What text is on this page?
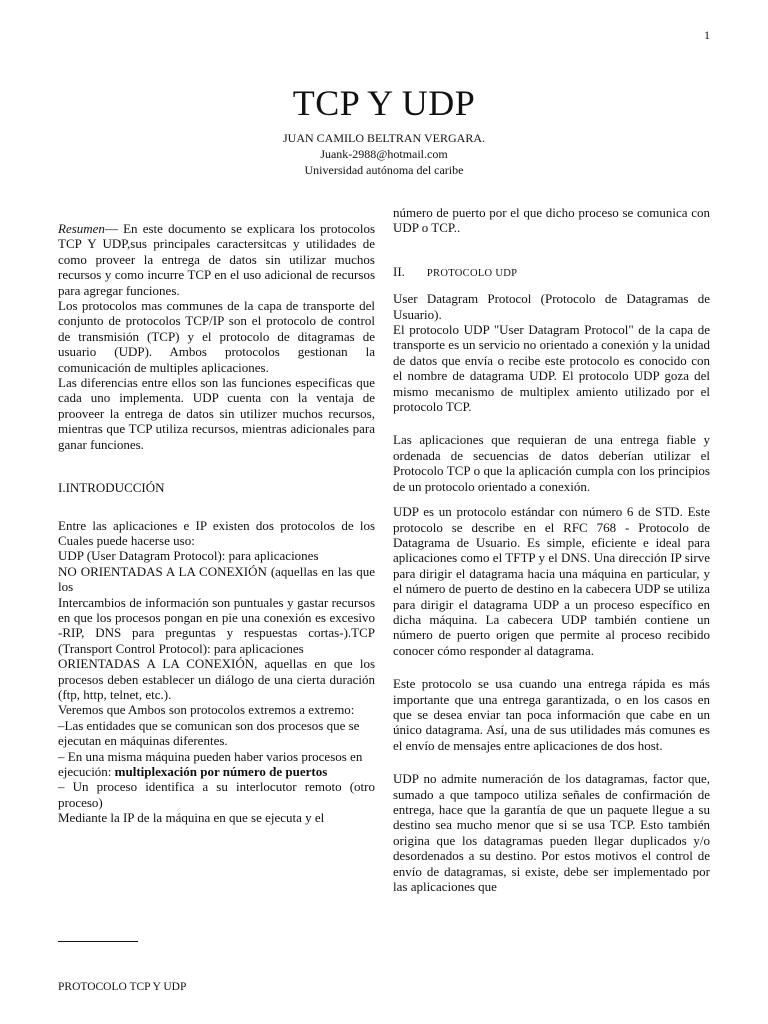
1
TCP Y UDP
JUAN CAMILO BELTRAN VERGARA.
Juank-2988@hotmail.com
Universidad autónoma del caribe

Resumen— En este documento se explicara los protocolos TCP Y UDP,sus principales caractersitcas y utilidades de como proveer la entrega de datos sin utilizar muchos recursos y como incurre TCP en el uso adicional de recursos para agregar funciones.

Los protocolos mas communes de la capa de transporte del conjunto de protocolos TCP/IP son el protocolo de control de transmisión (TCP) y el protocolo de ditagramas de usuario (UDP). Ambos protocolos gestionan la comunicación de multiples aplicaciones.

Las diferencias entre ellos son las funciones especificas que cada uno implementa. UDP cuenta con la ventaja de prooveer la entrega de datos sin utilizer muchos recursos, mientras que TCP utiliza recursos, mientras adicionales para ganar funciones.

I.INTRODUCCIÓN

Entre las aplicaciones e IP existen dos protocolos de los Cuales puede hacerse uso:

UDP (User Datagram Protocol): para aplicaciones

NO ORIENTADAS A LA CONEXIÓN (aquellas en las que los

Intercambios de información son puntuales y gastar recursos en que los procesos pongan en pie una conexión es excesivo -RIP, DNS para preguntas y respuestas cortas-).TCP (Transport Control Protocol): para aplicaciones

ORIENTADAS A LA CONEXIÓN, aquellas en que los procesos deben establecer un diálogo de una cierta duración (ftp, http, telnet, etc.).

Veremos que Ambos son protocolos extremos a extremo:

–Las entidades que se comunican son dos procesos que se

ejecutan en máquinas diferentes.

– En una misma máquina pueden haber varios procesos en

ejecución: multiplexación por número de puertos

– Un proceso identifica a su interlocutor remoto (otro proceso)

Mediante la IP de la máquina en que se ejecuta y el

número de puerto por el que dicho proceso se comunica con UDP o TCP..

II. PROTOCOLO UDP

User Datagram Protocol (Protocolo de Datagramas de Usuario).

El protocolo UDP "User Datagram Protocol" de la capa de transporte es un servicio no orientado a conexión y la unidad de datos que envía o recibe este protocolo es conocido con el nombre de datagrama UDP. El protocolo UDP goza del mismo mecanismo de multiplex amiento utilizado por el protocolo TCP.

Las aplicaciones que requieran de una entrega fiable y ordenada de secuencias de datos deberían utilizar el Protocolo TCP o que la aplicación cumpla con los principios de un protocolo orientado a conexión.

UDP es un protocolo estándar con número 6 de STD. Este protocolo se describe en el RFC 768 - Protocolo de Datagrama de Usuario. Es simple, eficiente e ideal para aplicaciones como el TFTP y el DNS. Una dirección IP sirve para dirigir el datagrama hacia una máquina en particular, y el número de puerto de destino en la cabecera UDP se utiliza para dirigir el datagrama UDP a un proceso específico en dicha máquina. La cabecera UDP también contiene un número de puerto origen que permite al proceso recibido conocer cómo responder al datagrama.

Este protocolo se usa cuando una entrega rápida es más importante que una entrega garantizada, o en los casos en que se desea enviar tan poca información que cabe en un único datagrama. Así, una de sus utilidades más comunes es el envío de mensajes entre aplicaciones de dos host.

UDP no admite numeración de los datagramas, factor que, sumado a que tampoco utiliza señales de confirmación de entrega, hace que la garantía de que un paquete llegue a su destino sea mucho menor que si se usa TCP. Esto también origina que los datagramas pueden llegar duplicados y/o desordenados a su destino. Por estos motivos el control de envío de datagramas, si existe, debe ser implementado por las aplicaciones que

PROTOCOLO TCP Y UDP
